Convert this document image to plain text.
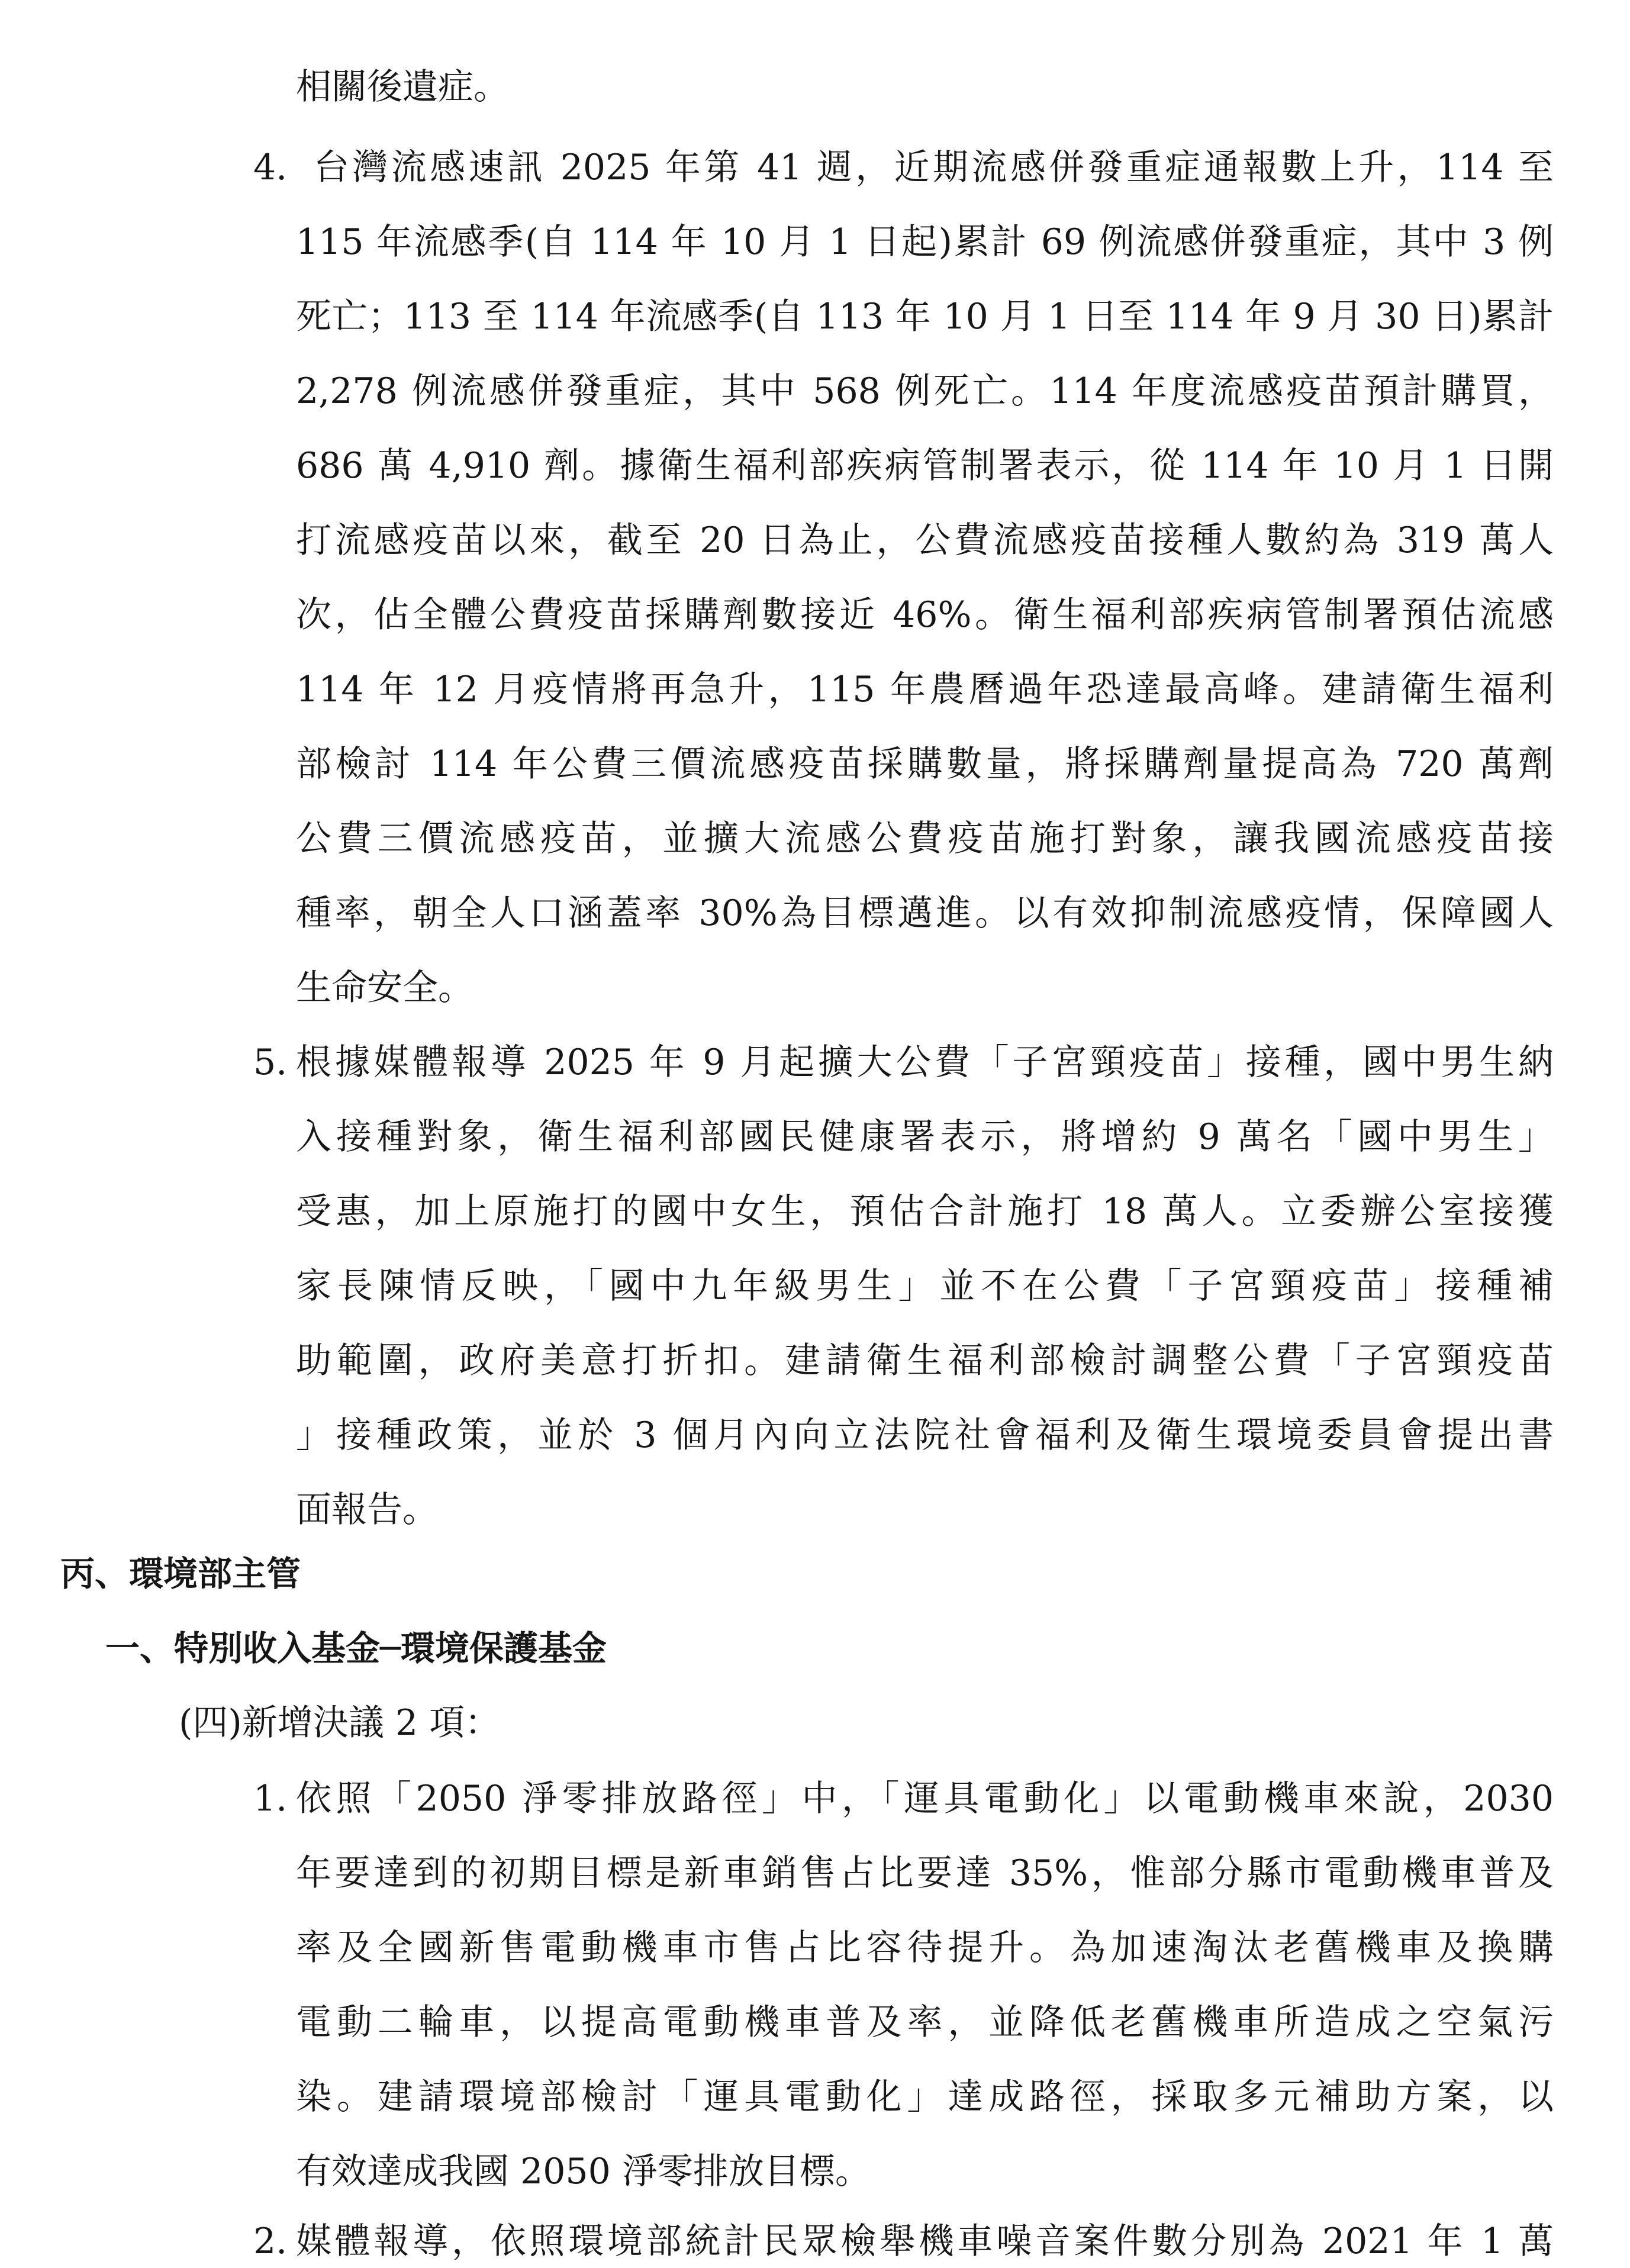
相關後遺症。
4. 台灣流感速訊 2025 年第 41 週，近期流感併發重症通報數上升，114 至
115 年流感季(自 114 年 10 月 1 日起)累計 69 例流感併發重症，其中 3 例
死亡；113 至 114 年流感季(自 113 年 10 月 1 日至 114 年 9 月 30 日)累計
2,278 例流感併發重症，其中 568 例死亡。114 年度流感疫苗預計購買，
686 萬 4,910 劑。據衛生福利部疾病管制署表示，從 114 年 10 月 1 日開
打流感疫苗以來，截至 20 日為止，公費流感疫苗接種人數約為 319 萬人
次，佔全體公費疫苗採購劑數接近 46%。衛生福利部疾病管制署預估流感
114 年 12 月疫情將再急升，115 年農曆過年恐達最高峰。建請衛生福利
部檢討 114 年公費三價流感疫苗採購數量，將採購劑量提高為 720 萬劑
公費三價流感疫苗，並擴大流感公費疫苗施打對象，讓我國流感疫苗接
種率，朝全人口涵蓋率 30%為目標邁進。以有效抑制流感疫情，保障國人
生命安全。
5. 根據媒體報導 2025 年 9 月起擴大公費「子宮頸疫苗」接種，國中男生納
入接種對象，衛生福利部國民健康署表示，將增約 9 萬名「國中男生」
受惠，加上原施打的國中女生，預估合計施打 18 萬人。立委辦公室接獲
家長陳情反映，「國中九年級男生」並不在公費「子宮頸疫苗」接種補
助範圍，政府美意打折扣。建請衛生福利部檢討調整公費「子宮頸疫苗
」接種政策，並於 3 個月內向立法院社會福利及衛生環境委員會提出書
面報告。
丙、環境部主管
一、特別收入基金─環境保護基金
(四)新增決議 2 項：
1. 依照「2050 淨零排放路徑」中，「運具電動化」以電動機車來說，2030
年要達到的初期目標是新車銷售占比要達 35%，惟部分縣市電動機車普及
率及全國新售電動機車市售占比容待提升。為加速淘汰老舊機車及換購
電動二輪車，以提高電動機車普及率，並降低老舊機車所造成之空氣污
染。建請環境部檢討「運具電動化」達成路徑，採取多元補助方案，以
有效達成我國 2050 淨零排放目標。
2. 媒體報導，依照環境部統計民眾檢舉機車噪音案件數分別為 2021 年 1 萬
